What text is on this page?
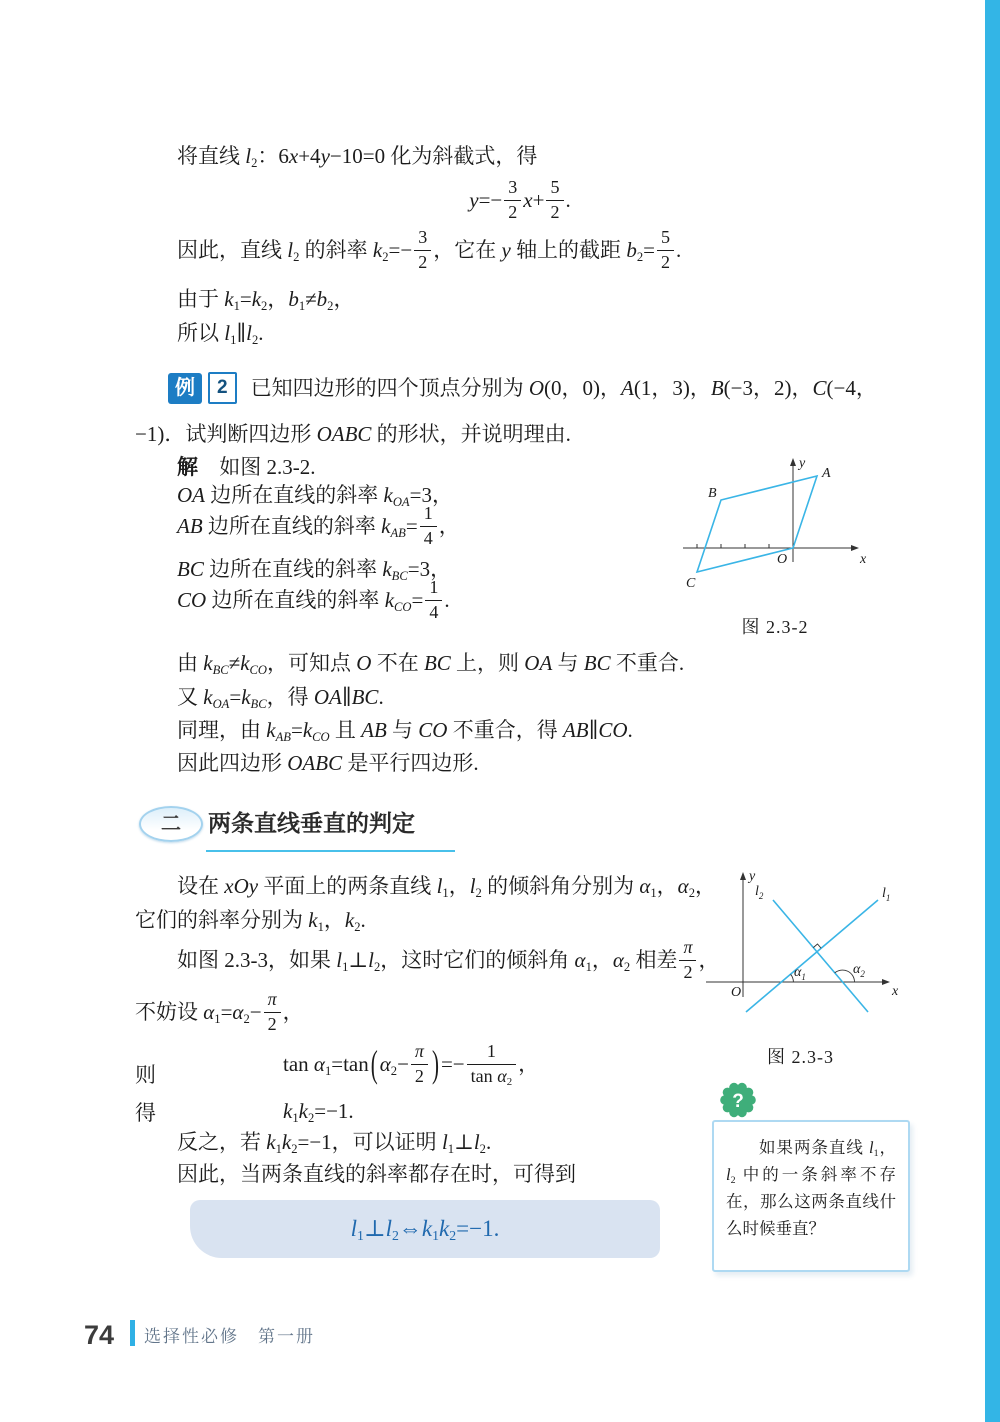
将直线 $l_2$：6x+4y−10=0 化为斜截式，得
$y=- \frac{3}{2} x+ \frac{5}{2}$ .
因此，直线 $l_2$ 的斜率 $k_2=- \frac{3}{2}$ ，它在 y 轴上的截距 $b_2= \frac{5}{2}$ .
由于 $k_1=k_2$，$b_1\ne b_2$，
所以 $l_1\parallel l_2$.
例	2	已知四边形的四个顶点分别为 O(0，0)，A(1，3)，B(−3，2)，C(−4，
−1)．试判断四边形 OABC 的形状，并说明理由.
解 如图 2.3-2.
OA 边所在直线的斜率 $k_{OA}=3$，
AB 边所在直线的斜率 $k_{AB}= \frac{1}{4}$ ，
BC 边所在直线的斜率 $k_{BC}=3$，
CO 边所在直线的斜率 $k_{CO}= \frac{1}{4}$ .
由 $k_{BC}\ne k_{CO}$，可知点 O 不在 BC 上，则 OA 与 BC 不重合.
又 $k_{OA}=k_{BC}$，得 OA∥BC.
同理，由 $k_{AB}=k_{CO}$ 且 AB 与 CO 不重合，得 AB∥CO.
因此四边形 OABC 是平行四边形.
y
x
O
A
B
C
图 2.3-2
二	两条直线垂直的判定
设在 xOy 平面上的两条直线 $l_1$，$l_2$ 的倾斜角分别为 $\alpha_1$，$\alpha_2$，
它们的斜率分别为 $k_1$，$k_2$.
如图 2.3-3，如果 $l_1\perp l_2$，这时它们的倾斜角 $\alpha_1$，$\alpha_2$ 相差 $\frac{\pi}{2}$ ，
不妨设 $\alpha_1=\alpha_2- \frac{\pi}{2}$ ，
则	$\tan \alpha_1=\tan(\alpha_2- \frac{\pi}{2}$ )=− $\frac{1}{\tan \alpha_2}$ ，
得	$k_1k_2=-1$.
反之，若 $k_1k_2=-1$，可以证明 $l_1\perp l_2$.
因此，当两条直线的斜率都存在时，可得到
$l_1\perp l_2\Leftrightarrow k_1k_2=-1$.
y
x
O
$l_2$	$l_1$
$\alpha_1$	$\alpha_2$
图 2.3-3
?
如果两条直线 $l_1$，$l_2$ 中的一条斜率不存在，那么这两条直线什么时候垂直？
74 选择性必修　第一册
